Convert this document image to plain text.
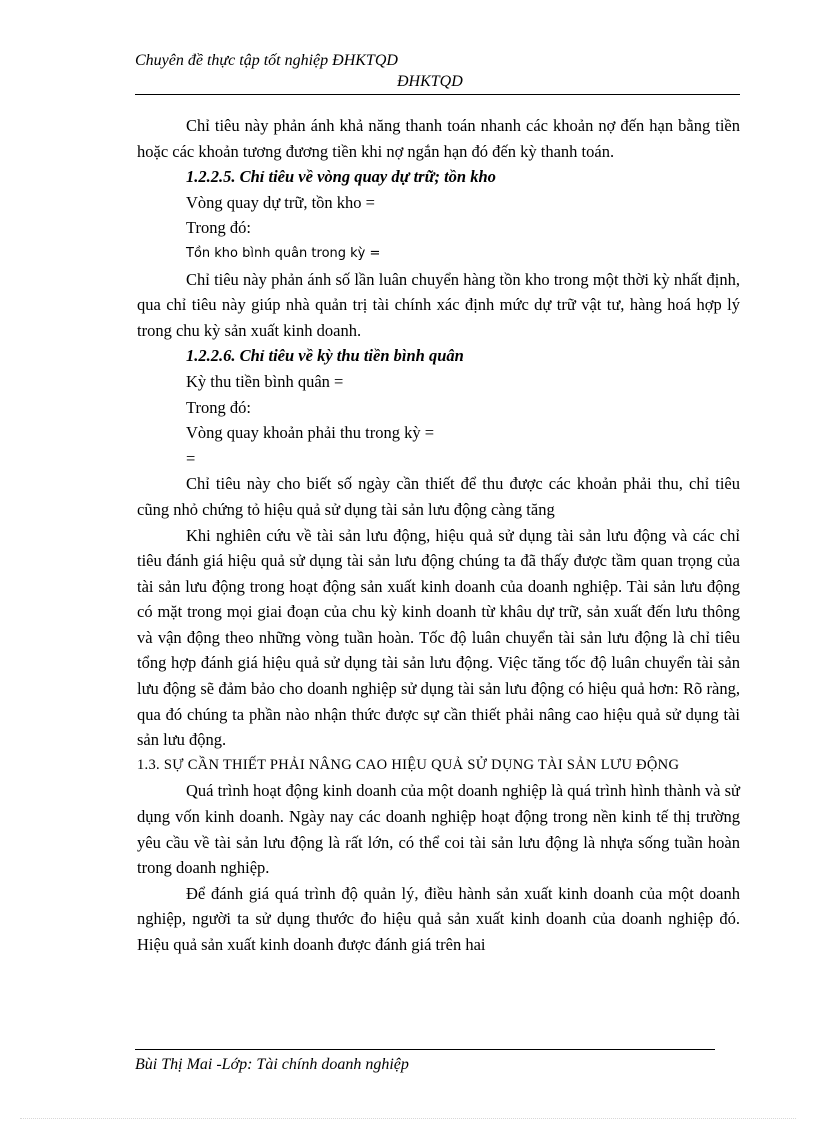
Chuyên đề thực tập tốt nghiệp ĐHKTQD
ĐHKTQD

Chỉ tiêu này phản ánh khả năng thanh toán nhanh các khoản nợ đến hạn bằng tiền hoặc các khoản tương đương tiền khi nợ ngắn hạn đó đến kỳ thanh toán.

1.2.2.5. Chỉ tiêu về vòng quay dự trữ; tồn kho

Vòng quay dự trữ, tồn kho =

Trong đó:

Tồn kho bình quân trong kỳ =

Chỉ tiêu này phản ánh số lần luân chuyển hàng tồn kho trong một thời kỳ nhất định, qua chỉ tiêu này giúp nhà quản trị tài chính xác định mức dự trữ vật tư, hàng hoá hợp lý trong chu kỳ sản xuất kinh doanh.

1.2.2.6. Chỉ tiêu về kỳ thu tiền bình quân

Kỳ thu tiền bình quân =

Trong đó:

Vòng quay khoản phải thu trong kỳ =

=

Chỉ tiêu này cho biết số ngày cần thiết để thu được các khoản phải thu, chỉ tiêu cũng nhỏ chứng tỏ hiệu quả sử dụng tài sản lưu động càng tăng

Khi nghiên cứu về tài sản lưu động, hiệu quả sử dụng tài sản lưu động và các chỉ tiêu đánh giá hiệu quả sử dụng tài sản lưu động chúng ta đã thấy được tầm quan trọng của tài sản lưu động trong hoạt động sản xuất kinh doanh của doanh nghiệp. Tài sản lưu động có mặt trong mọi giai đoạn của chu kỳ kinh doanh từ khâu dự trữ, sản xuất đến lưu thông và vận động theo những vòng tuần hoàn. Tốc độ luân chuyển tài sản lưu động là chỉ tiêu tổng hợp đánh giá hiệu quả sử dụng tài sản lưu động. Việc tăng tốc độ luân chuyển tài sản lưu động sẽ đảm bảo cho doanh nghiệp sử dụng tài sản lưu động có hiệu quả hơn: Rõ ràng, qua đó chúng ta phần nào nhận thức được sự cần thiết phải nâng cao hiệu quả sử dụng tài sản lưu động.

1.3. SỰ CẦN THIẾT PHẢI NÂNG CAO HIỆU QUẢ SỬ DỤNG TÀI SẢN LƯU ĐỘNG

Quá trình hoạt động kinh doanh của một doanh nghiệp là quá trình hình thành và sử dụng vốn kinh doanh. Ngày nay các doanh nghiệp hoạt động trong nền kinh tế thị trường yêu cầu về tài sản lưu động là rất lớn, có thể coi tài sản lưu động là nhựa sống tuần hoàn trong doanh nghiệp.

Để đánh giá quá trình độ quản lý, điều hành sản xuất kinh doanh của một doanh nghiệp, người ta sử dụng thước đo hiệu quả sản xuất kinh doanh của doanh nghiệp đó. Hiệu quả sản xuất kinh doanh được đánh giá trên hai

Bùi Thị Mai -Lớp: Tài chính doanh nghiệp
